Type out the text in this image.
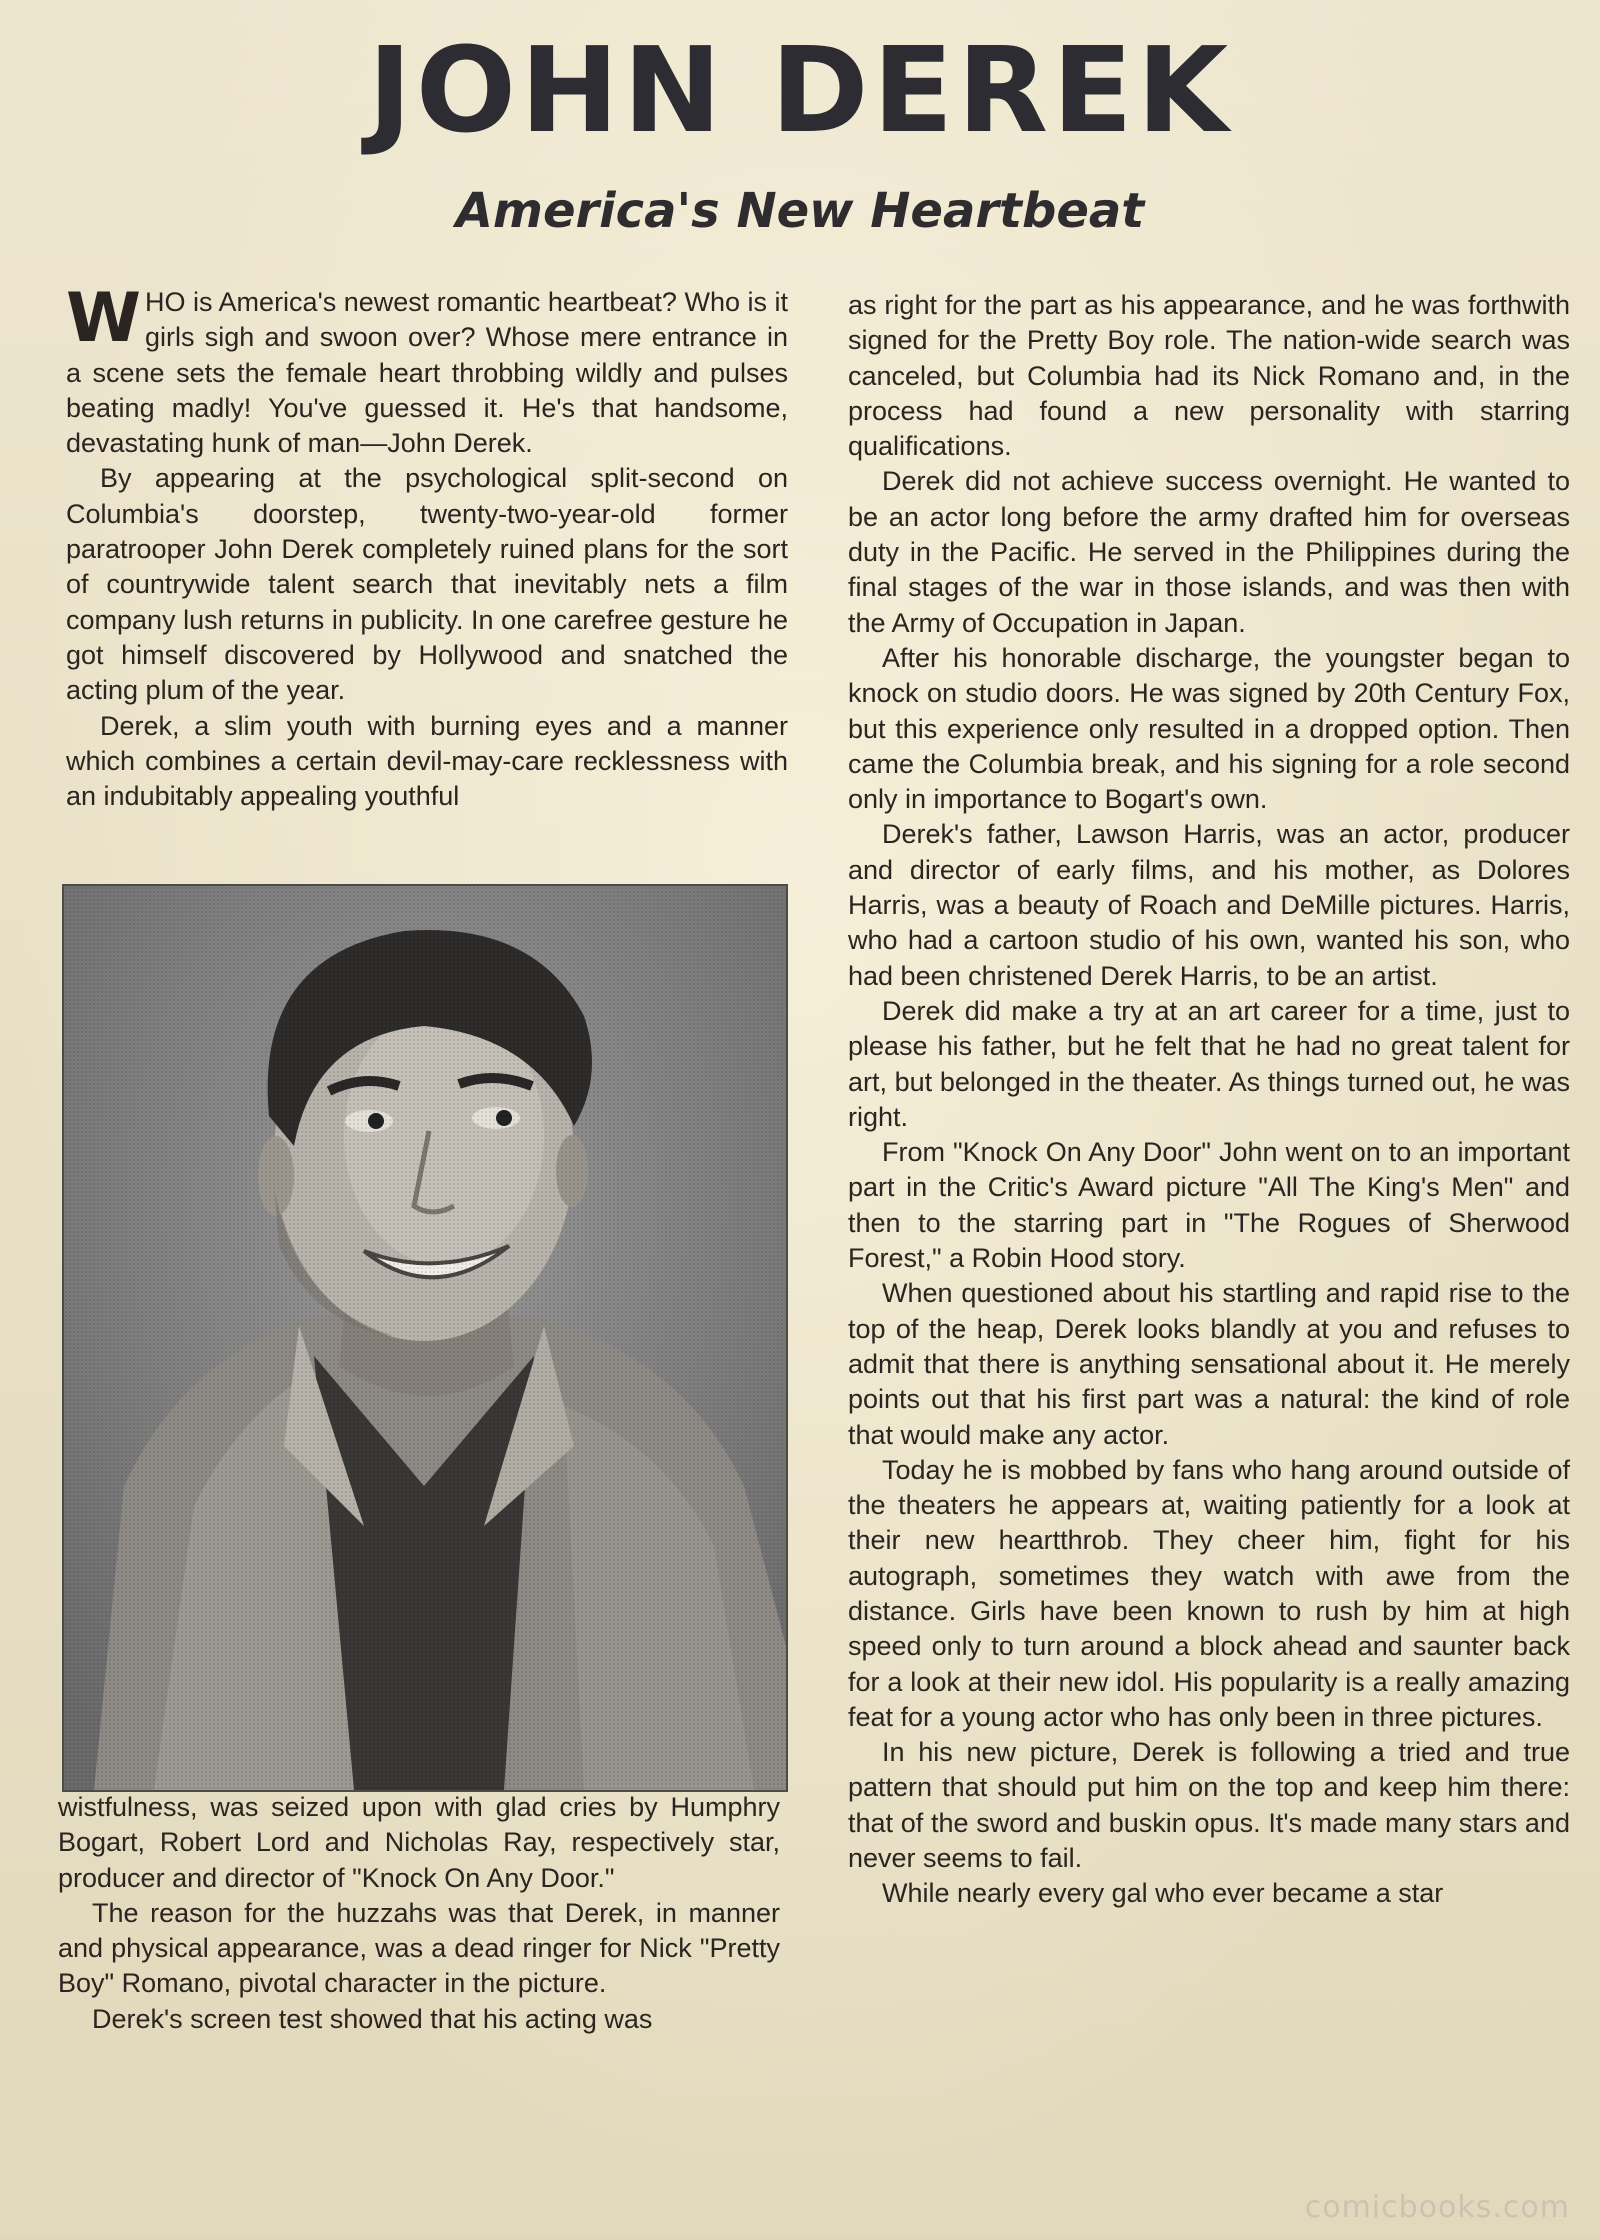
JOHN DEREK
America's New Heartbeat

WHO is America's newest romantic heartbeat? Who is it girls sigh and swoon over? Whose mere entrance in a scene sets the female heart throbbing wildly and pulses beating madly! You've guessed it. He's that handsome, devastating hunk of man—John Derek.

By appearing at the psychological split-second on Columbia's doorstep, twenty-two-year-old former paratrooper John Derek completely ruined plans for the sort of countrywide talent search that inevitably nets a film company lush returns in publicity. In one carefree gesture he got himself discovered by Hollywood and snatched the acting plum of the year.

Derek, a slim youth with burning eyes and a manner which combines a certain devil-may-care recklessness with an indubitably appealing youthful

wistfulness, was seized upon with glad cries by Humphry Bogart, Robert Lord and Nicholas Ray, respectively star, producer and director of "Knock On Any Door."

The reason for the huzzahs was that Derek, in manner and physical appearance, was a dead ringer for Nick "Pretty Boy" Romano, pivotal character in the picture.

Derek's screen test showed that his acting was

as right for the part as his appearance, and he was forthwith signed for the Pretty Boy role. The nation-wide search was canceled, but Columbia had its Nick Romano and, in the process had found a new personality with starring qualifications.

Derek did not achieve success overnight. He wanted to be an actor long before the army drafted him for overseas duty in the Pacific. He served in the Philippines during the final stages of the war in those islands, and was then with the Army of Occupation in Japan.

After his honorable discharge, the youngster began to knock on studio doors. He was signed by 20th Century Fox, but this experience only resulted in a dropped option. Then came the Columbia break, and his signing for a role second only in importance to Bogart's own.

Derek's father, Lawson Harris, was an actor, producer and director of early films, and his mother, as Dolores Harris, was a beauty of Roach and DeMille pictures. Harris, who had a cartoon studio of his own, wanted his son, who had been christened Derek Harris, to be an artist.

Derek did make a try at an art career for a time, just to please his father, but he felt that he had no great talent for art, but belonged in the theater. As things turned out, he was right.

From "Knock On Any Door" John went on to an important part in the Critic's Award picture "All The King's Men" and then to the starring part in "The Rogues of Sherwood Forest," a Robin Hood story.

When questioned about his startling and rapid rise to the top of the heap, Derek looks blandly at you and refuses to admit that there is anything sensational about it. He merely points out that his first part was a natural: the kind of role that would make any actor.

Today he is mobbed by fans who hang around outside of the theaters he appears at, waiting patiently for a look at their new heartthrob. They cheer him, fight for his autograph, sometimes they watch with awe from the distance. Girls have been known to rush by him at high speed only to turn around a block ahead and saunter back for a look at their new idol. His popularity is a really amazing feat for a young actor who has only been in three pictures.

In his new picture, Derek is following a tried and true pattern that should put him on the top and keep him there: that of the sword and buskin opus. It's made many stars and never seems to fail.

While nearly every gal who ever became a star

comicbooks.com
